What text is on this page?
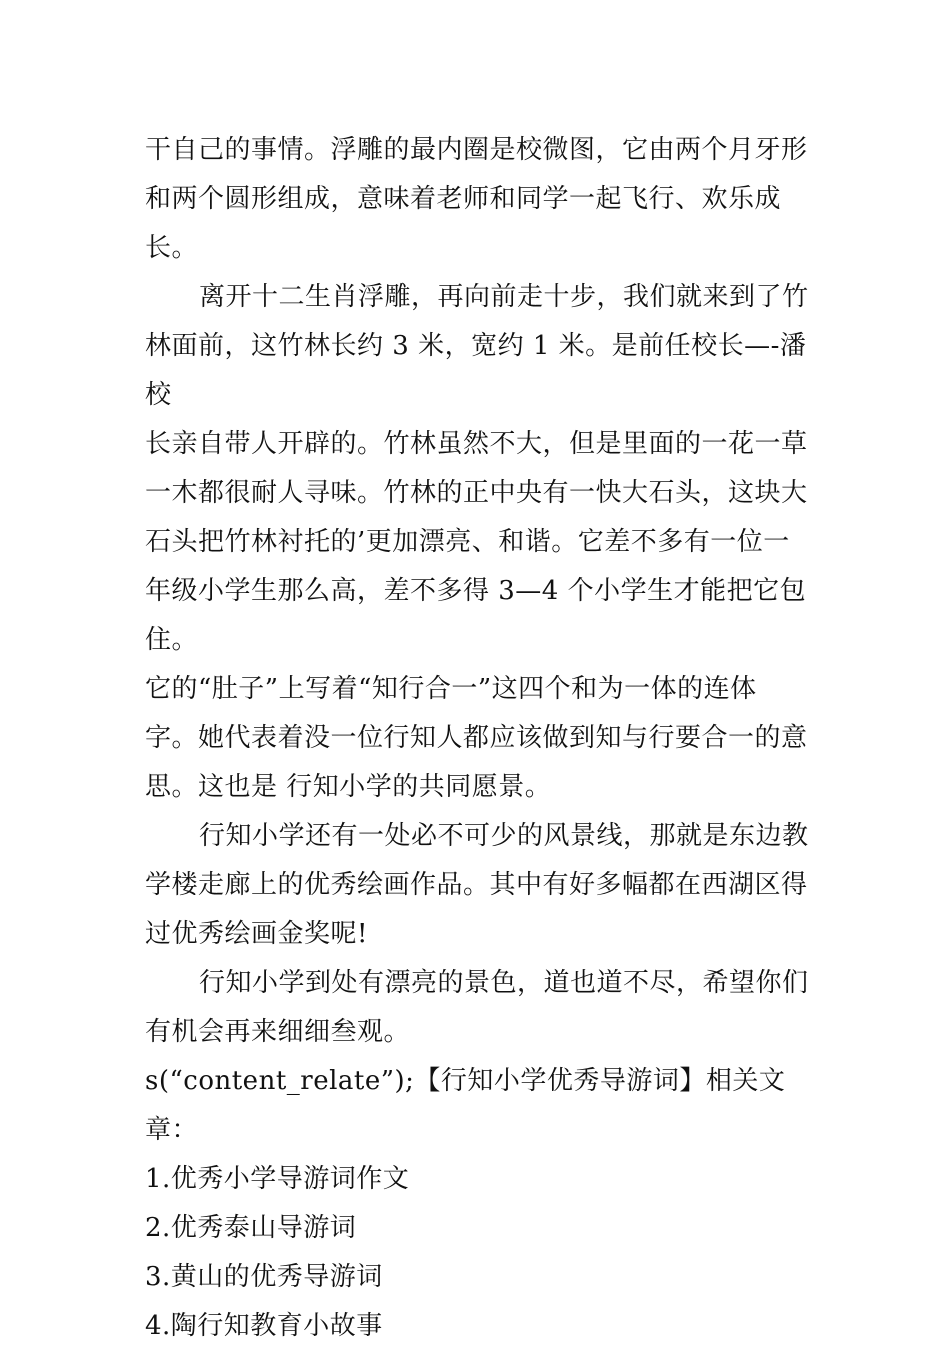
干自己的事情。浮雕的最内圈是校微图，它由两个月牙形
和两个圆形组成，意味着老师和同学一起飞行、欢乐成长。

离开十二生肖浮雕，再向前走十步，我们就来到了竹
林面前，这竹林长约 3 米，宽约 1 米。是前任校长—-潘校
长亲自带人开辟的。竹林虽然不大，但是里面的一花一草
一木都很耐人寻味。竹林的正中央有一快大石头，这块大
石头把竹林衬托的’更加漂亮、和谐。它差不多有一位一
年级小学生那么高，差不多得 3—4 个小学生才能把它包住。
它的“肚子”上写着“知行合一”这四个和为一体的连体
字。她代表着没一位行知人都应该做到知与行要合一的意
思。这也是 行知小学的共同愿景。

行知小学还有一处必不可少的风景线，那就是东边教
学楼走廊上的优秀绘画作品。其中有好多幅都在西湖区得
过优秀绘画金奖呢!

行知小学到处有漂亮的景色，道也道不尽，希望你们
有机会再来细细叁观。

s(“content_relate”);【行知小学优秀导游词】相关文
章：

1.优秀小学导游词作文

2.优秀泰山导游词

3.黄山的优秀导游词

4.陶行知教育小故事
